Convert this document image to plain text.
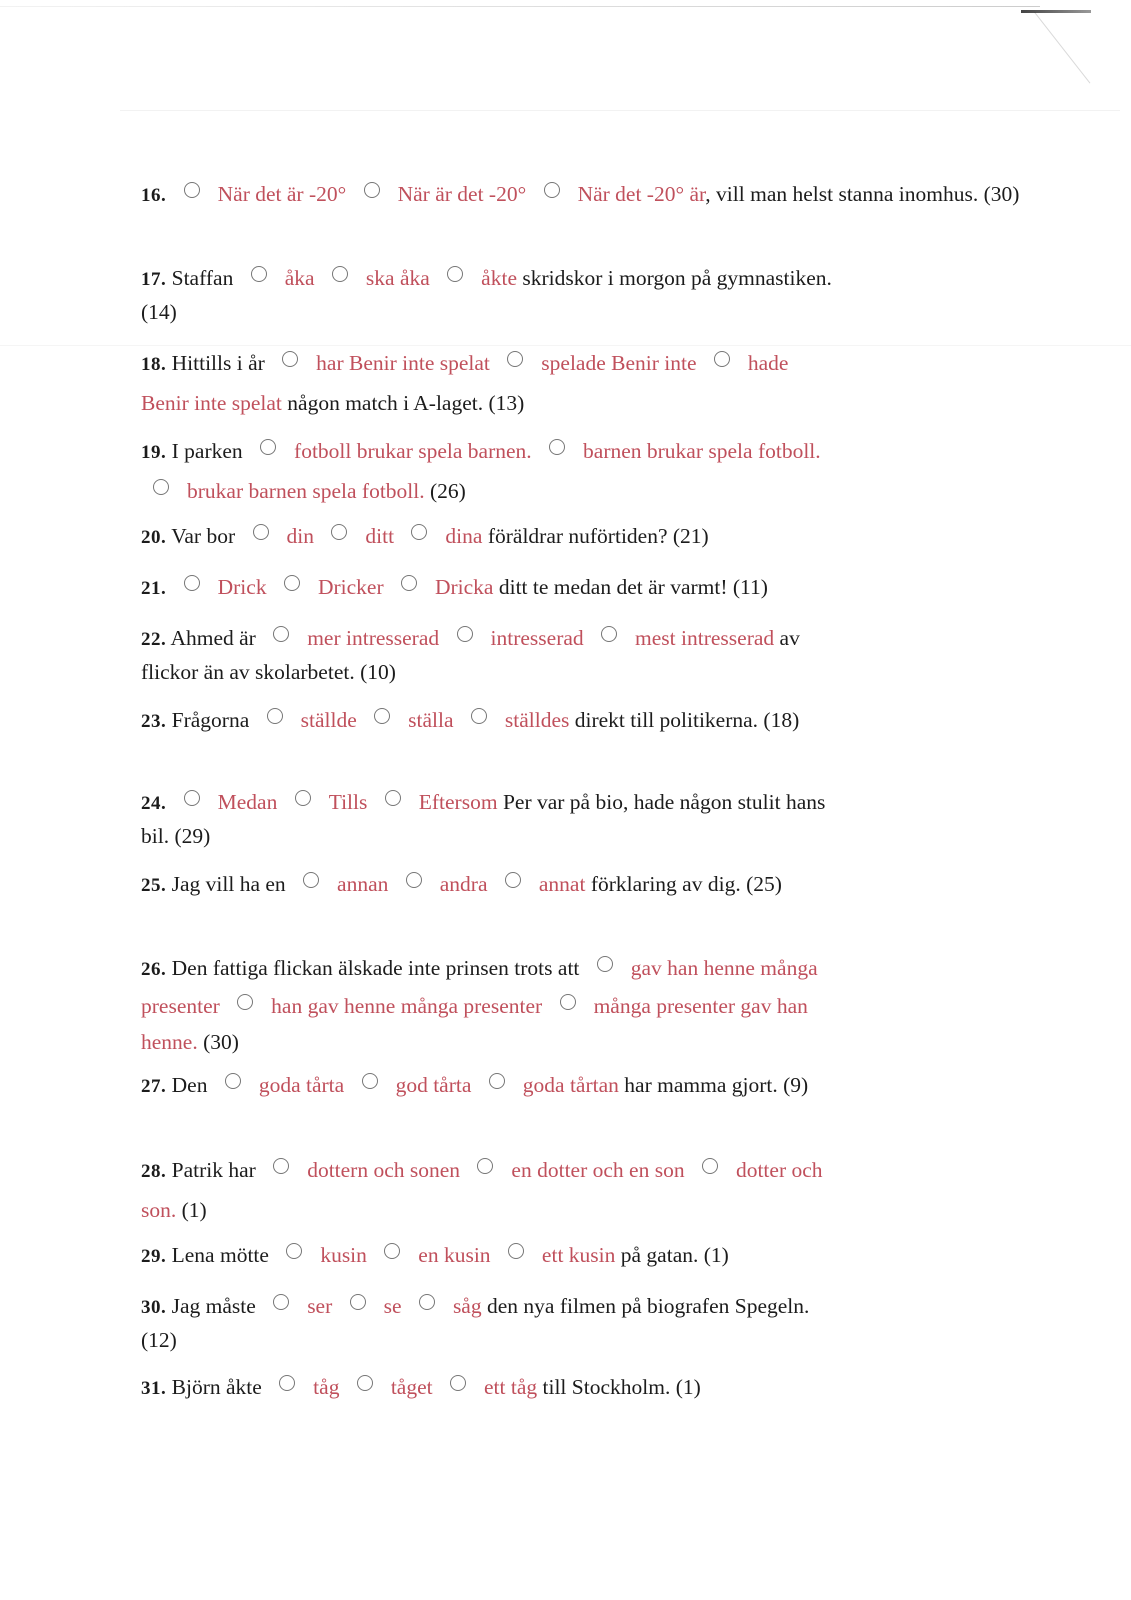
16. När det är -20° När är det -20° När det -20° är, vill man helst stanna inomhus. (30)
17. Staffan åka ska åka åkte skridskor i morgon på gymnastiken. (14)
18. Hittills i år har Benir inte spelat spelade Benir inte hade Benir inte spelat någon match i A-laget. (13)
19. I parken fotboll brukar spela barnen. barnen brukar spela fotboll. brukar barnen spela fotboll. (26)
20. Var bor din ditt dina föräldrar nuförtiden? (21)
21. Drick Dricker Dricka ditt te medan det är varmt! (11)
22. Ahmed är mer intresserad intresserad mest intresserad av flickor än av skolarbetet. (10)
23. Frågorna ställde ställa ställdes direkt till politikerna. (18)
24. Medan Tills Eftersom Per var på bio, hade någon stulit hans bil. (29)
25. Jag vill ha en annan andra annat förklaring av dig. (25)
26. Den fattiga flickan älskade inte prinsen trots att gav han henne många presenter han gav henne många presenter många presenter gav han henne. (30)
27. Den goda tårta god tårta goda tårtan har mamma gjort. (9)
28. Patrik har dottern och sonen en dotter och en son dotter och son. (1)
29. Lena mötte kusin en kusin ett kusin på gatan. (1)
30. Jag måste ser se såg den nya filmen på biografen Spegeln. (12)
31. Björn åkte tåg tåget ett tåg till Stockholm. (1)
